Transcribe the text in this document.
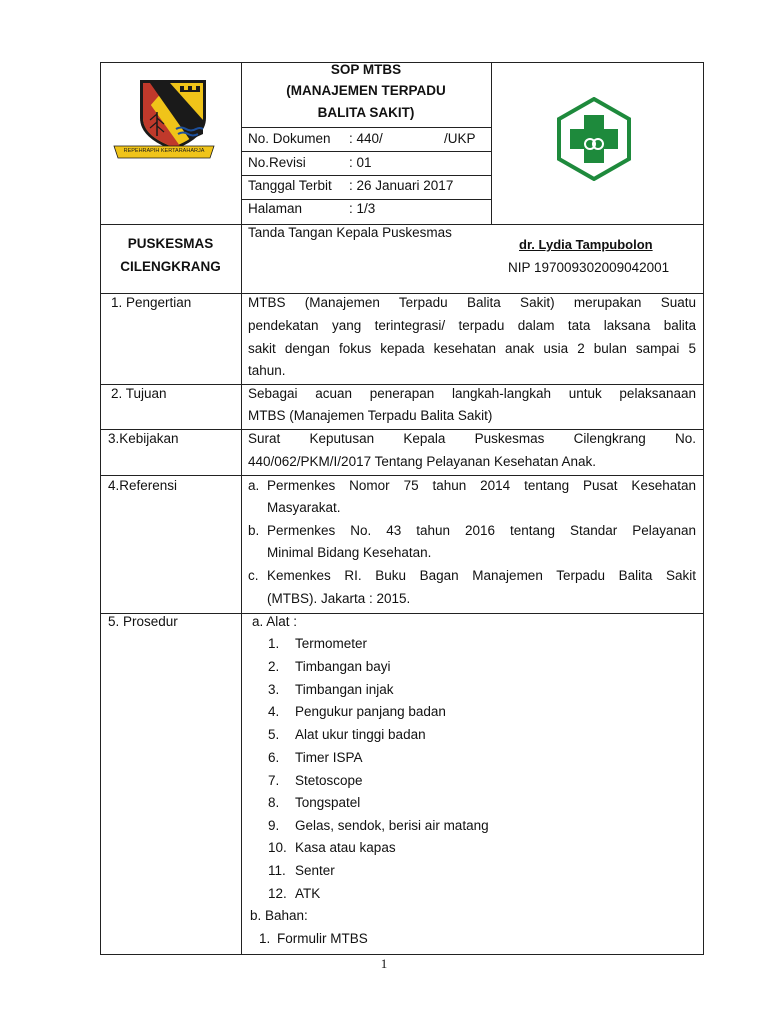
REPEHRAPIH KERTARAHARJA
SOP MTBS
(MANAJEMEN TERPADU
BALITA SAKIT)
No. Dokumen : 440/	/UKP
No.Revisi	: 01
Tanggal Terbit : 26 Januari 2017
Halaman	: 1/3
PUSKESMAS
CILENGKRANG
Tanda Tangan Kepala Puskesmas
dr. Lydia Tampubolon
NIP 197009302009042001
1. Pengertian	MTBS (Manajemen Terpadu Balita Sakit) merupakan Suatu
pendekatan yang terintegrasi/ terpadu dalam tata laksana balita
sakit dengan fokus kepada kesehatan anak usia 2 bulan sampai 5
tahun.
2. Tujuan	Sebagai acuan penerapan langkah-langkah untuk pelaksanaan
MTBS (Manajemen Terpadu Balita Sakit)
3.Kebijakan	Surat Keputusan Kepala Puskesmas Cilengkrang No.
440/062/PKM/I/2017 Tentang Pelayanan Kesehatan Anak.
4.Referensi	a. Permenkes Nomor 75 tahun 2014 tentang Pusat Kesehatan
Masyarakat.
b. Permenkes No. 43 tahun 2016 tentang Standar Pelayanan
Minimal Bidang Kesehatan.
c. Kemenkes RI. Buku Bagan Manajemen Terpadu Balita Sakit
(MTBS). Jakarta : 2015.
5. Prosedur	a. Alat :
1. Termometer
2. Timbangan bayi
3. Timbangan injak
4. Pengukur panjang badan
5. Alat ukur tinggi badan
6. Timer ISPA
7. Stetoscope
8. Tongspatel
9. Gelas, sendok, berisi air matang
10. Kasa atau kapas
11. Senter
12. ATK
b. Bahan:
1. Formulir MTBS
1
